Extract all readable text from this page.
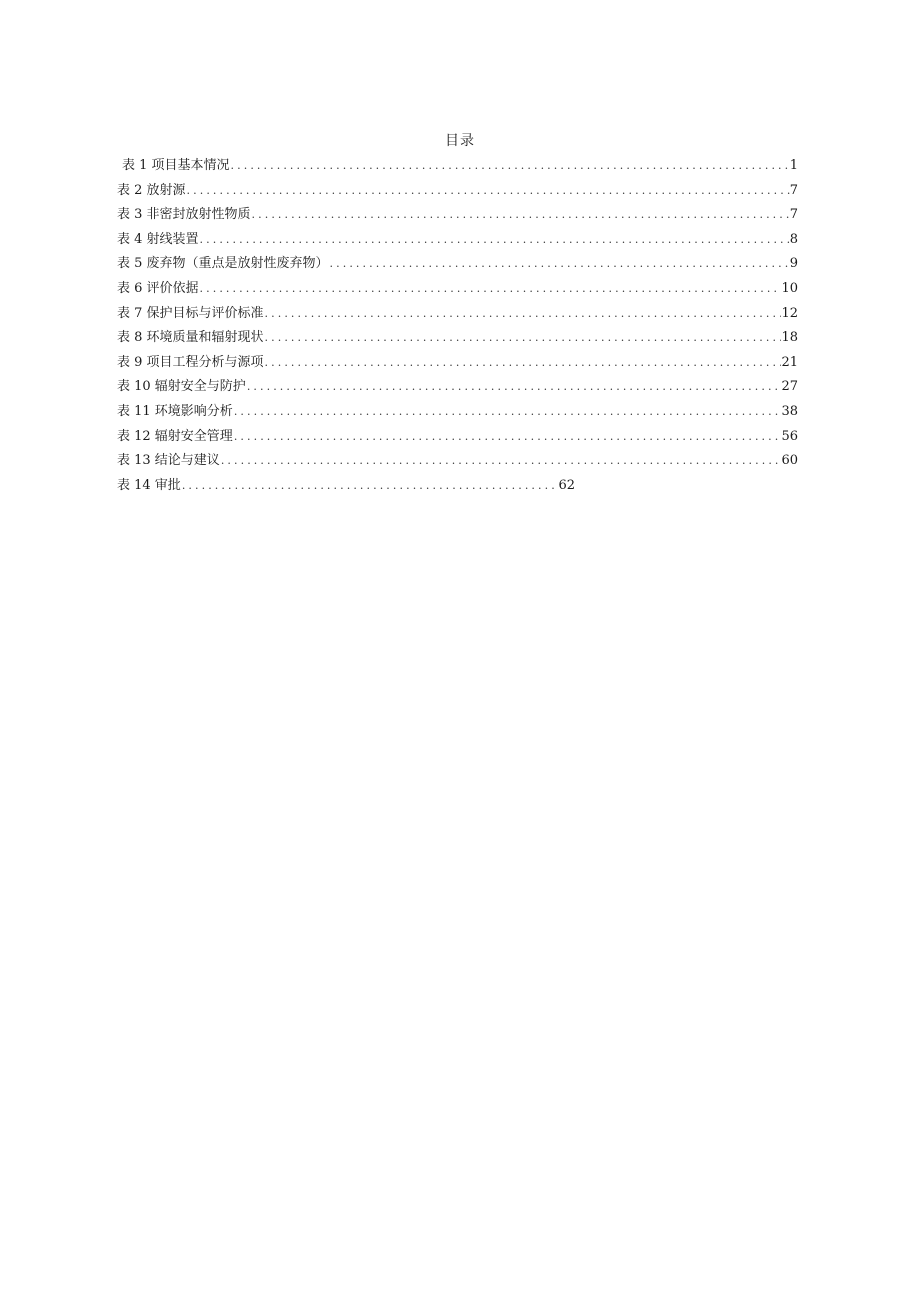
目录
表 1 项目基本情况 .....	1
表 2 放射源 .....	7
表 3 非密封放射性物质 .....	7
表 4 射线装置 .....	8
表 5 废弃物（重点是放射性废弃物） .....	9
表 6 评价依据 .....	10
表 7 保护目标与评价标准 .....	12
表 8 环境质量和辐射现状 .....	18
表 9 项目工程分析与源项 .....	21
表 10 辐射安全与防护 .....	27
表 11 环境影响分析 .....	38
表 12 辐射安全管理 .....	56
表 13 结论与建议 .....	60
表 14 审批 .....	62
